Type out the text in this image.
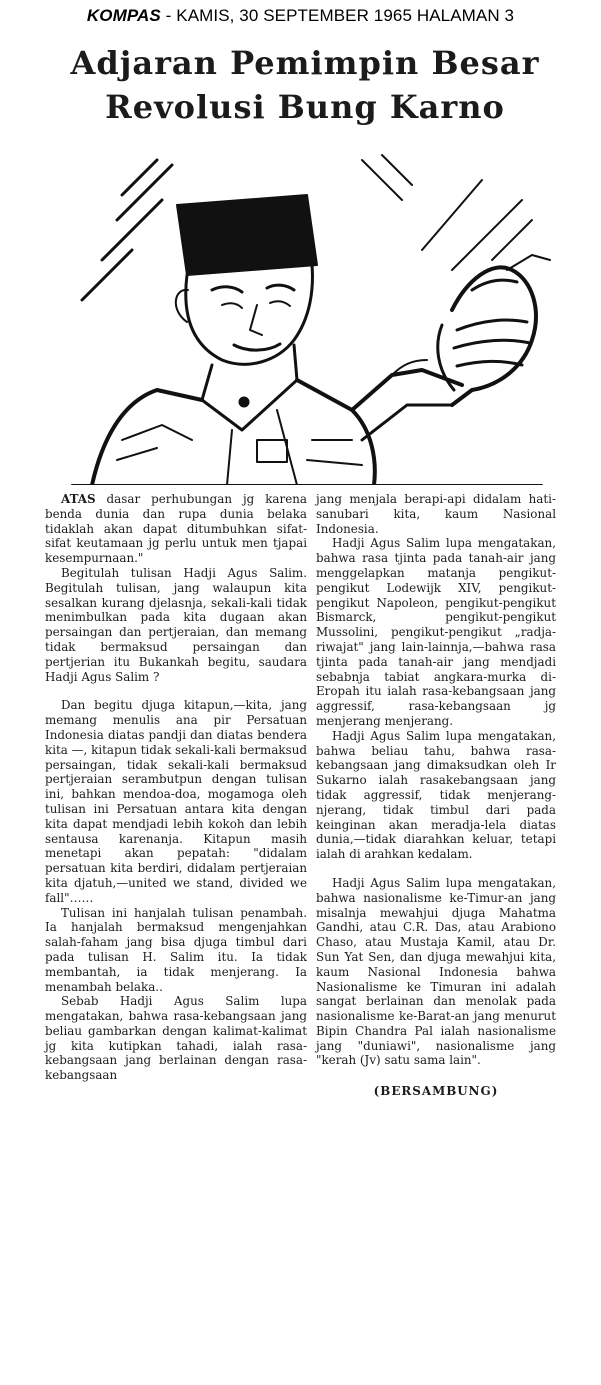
KOMPAS - KAMIS, 30 SEPTEMBER 1965 HALAMAN 3
Adjaran Pemimpin Besar
Revolusi Bung Karno

ATAS dasar perhubungan jg karena benda dunia dan rupa dunia belaka tidaklah akan dapat ditumbuhkan sifat-sifat keutamaan jg perlu untuk men tjapai kesempurnaan."

Begitulah tulisan Hadji Agus Salim. Begitulah tulisan, jang walaupun kita sesalkan kurang djelasnja, sekali-kali tidak menimbulkan pada kita dugaan akan persaingan dan pertjeraian, dan memang tidak bermaksud persaingan dan pertjerian itu Bukankah begitu, saudara Hadji Agus Salim ?

Dan begitu djuga kitapun,—kita, jang memang menulis ana pir Persatuan Indonesia diatas pandji dan diatas bendera kita —, kitapun tidak sekali-kali bermaksud persaingan, tidak sekali-kali bermaksud pertjeraian serambutpun dengan tulisan ini, bahkan mendoa-doa, mogamoga oleh tulisan ini Persatuan antara kita dengan kita dapat mendjadi lebih kokoh dan lebih sentausa karenanja. Kitapun masih menetapi akan pepatah: "didalam persatuan kita berdiri, didalam pertjeraian kita djatuh,—united we stand, divided we fall"……

Tulisan ini hanjalah tulisan penambah. Ia hanjalah bermaksud mengenjahkan salah-faham jang bisa djuga timbul dari pada tulisan H. Salim itu. Ia tidak membantah, ia tidak menjerang. Ia menambah belaka..

Sebab Hadji Agus Salim lupa mengatakan, bahwa rasa-kebangsaan jang beliau gambarkan dengan kalimat-kalimat jg kita kutipkan tahadi, ialah rasa-kebangsaan jang berlainan dengan rasa-kebangsaan

jang menjala berapi-api didalam hati-sanubari kita, kaum Nasional Indonesia.

Hadji Agus Salim lupa mengatakan, bahwa rasa tjinta pada tanah-air jang menggelapkan matanja pengikut-pengikut Lodewijk XIV, pengikut-pengikut Napoleon, pengikut-pengikut Bismarck, pengikut-pengikut Mussolini, pengikut-pengikut „radja-riwajat" jang lain-lainnja,—bahwa rasa tjinta pada tanah-air jang mendjadi sebabnja tabiat angkara-murka di-Eropah itu ialah rasa-kebangsaan jang aggressif, rasa-kebangsaan jg menjerang menjerang.

Hadji Agus Salim lupa mengatakan, bahwa beliau tahu, bahwa rasa-kebangsaan jang dimaksudkan oleh Ir Sukarno ialah rasakebangsaan jang tidak aggressif, tidak menjerang-njerang, tidak timbul dari pada keinginan akan meradja-lela diatas dunia,—tidak diarahkan keluar, tetapi ialah di arahkan kedalam.

Hadji Agus Salim lupa mengatakan, bahwa nasionalisme ke-Timur-an jang misalnja mewahjui djuga Mahatma Gandhi, atau C.R. Das, atau Arabiono Chaso, atau Mustaja Kamil, atau Dr. Sun Yat Sen, dan djuga mewahjui kita, kaum Nasional Indonesia bahwa Nasionalisme ke Timuran ini adalah sangat berlainan dan menolak pada nasionalisme ke-Barat-an jang menurut Bipin Chandra Pal ialah nasionalisme jang "duniawi", nasionalisme jang "kerah (Jv) satu sama lain".

(BERSAMBUNG)
